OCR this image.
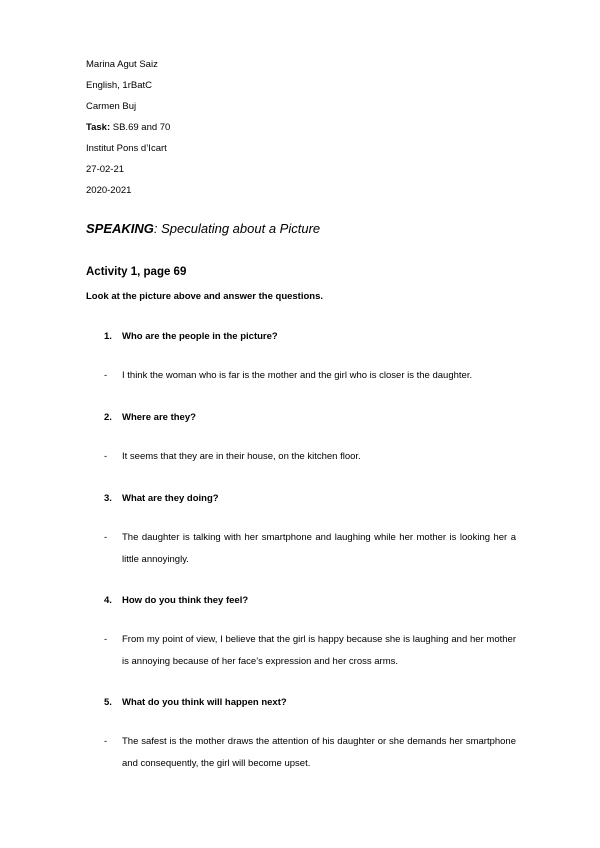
Marina Agut Saiz
English, 1rBatC
Carmen Buj
Task: SB.69 and 70
Institut Pons d’Icart
27-02-21
2020-2021
SPEAKING: Speculating about a Picture
Activity 1, page 69
Look at the picture above and answer the questions.
1. Who are the people in the picture?
- I think the woman who is far is the mother and the girl who is closer is the daughter.
2. Where are they?
- It seems that they are in their house, on the kitchen floor.
3. What are they doing?
- The daughter is talking with her smartphone and laughing while her mother is looking her a little annoyingly.
4. How do you think they feel?
- From my point of view, I believe that the girl is happy because she is laughing and her mother is annoying because of her face’s expression and her cross arms.
5. What do you think will happen next?
- The safest is the mother draws the attention of his daughter or she demands her smartphone and consequently, the girl will become upset.
